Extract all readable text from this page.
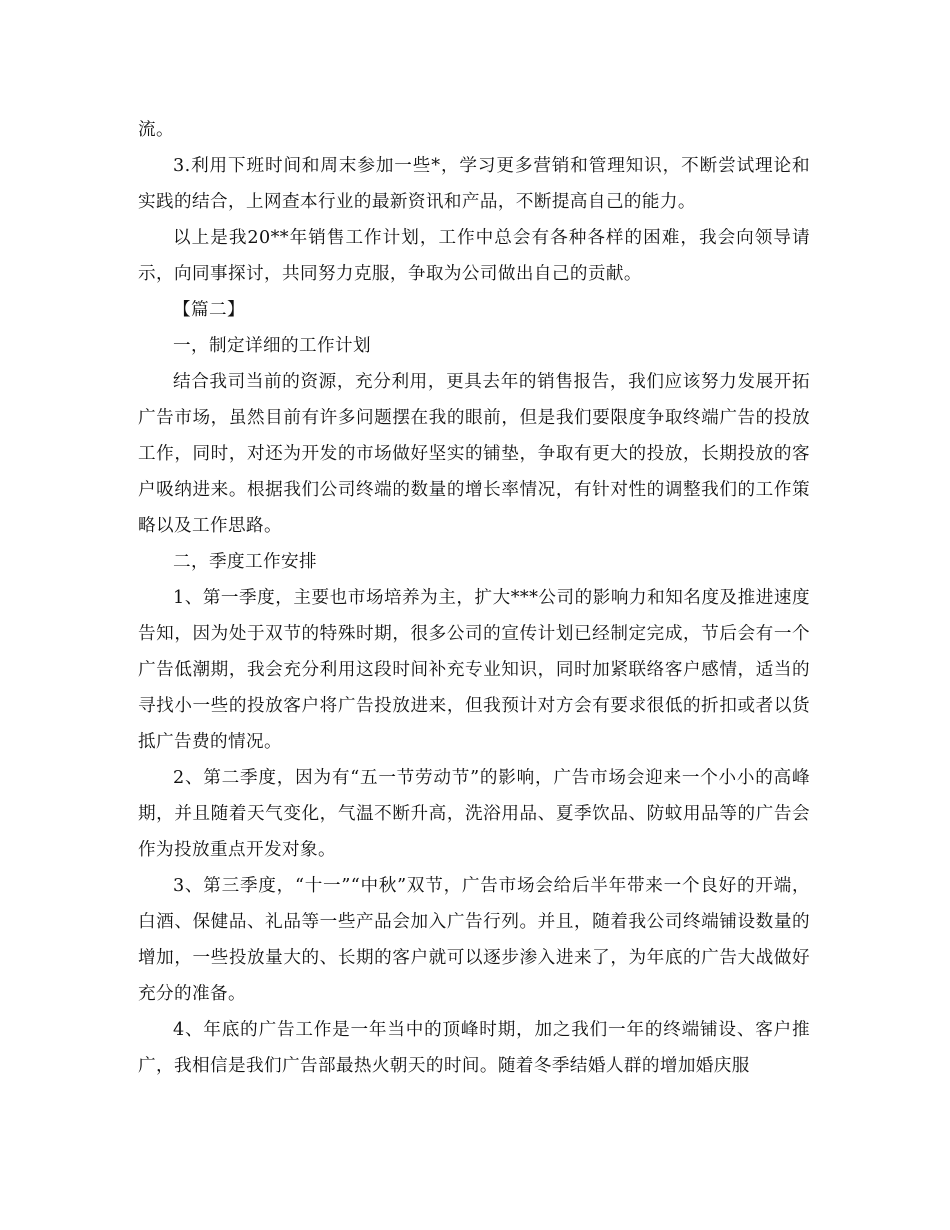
流。

3.利用下班时间和周末参加一些*，学习更多营销和管理知识，不断尝试理论和实践的结合，上网查本行业的最新资讯和产品，不断提高自己的能力。

以上是我20**年销售工作计划，工作中总会有各种各样的困难，我会向领导请示，向同事探讨，共同努力克服，争取为公司做出自己的贡献。

【篇二】

一，制定详细的工作计划

结合我司当前的资源，充分利用，更具去年的销售报告，我们应该努力发展开拓广告市场，虽然目前有许多问题摆在我的眼前，但是我们要限度争取终端广告的投放工作，同时，对还为开发的市场做好坚实的铺垫，争取有更大的投放，长期投放的客户吸纳进来。根据我们公司终端的数量的增长率情况，有针对性的调整我们的工作策略以及工作思路。

二，季度工作安排

1、第一季度，主要也市场培养为主，扩大***公司的影响力和知名度及推进速度告知，因为处于双节的特殊时期，很多公司的宣传计划已经制定完成，节后会有一个广告低潮期，我会充分利用这段时间补充专业知识，同时加紧联络客户感情，适当的寻找小一些的投放客户将广告投放进来，但我预计对方会有要求很低的折扣或者以货抵广告费的情况。

2、第二季度，因为有“五一节劳动节”的影响，广告市场会迎来一个小小的高峰期，并且随着天气变化，气温不断升高，洗浴用品、夏季饮品、防蚊用品等的广告会作为投放重点开发对象。

3、第三季度，“十一”“中秋”双节，广告市场会给后半年带来一个良好的开端，白酒、保健品、礼品等一些产品会加入广告行列。并且，随着我公司终端铺设数量的增加，一些投放量大的、长期的客户就可以逐步渗入进来了，为年底的广告大战做好充分的准备。

4、年底的广告工作是一年当中的顶峰时期，加之我们一年的终端铺设、客户推广，我相信是我们广告部最热火朝天的时间。随着冬季结婚人群的增加婚庆服
